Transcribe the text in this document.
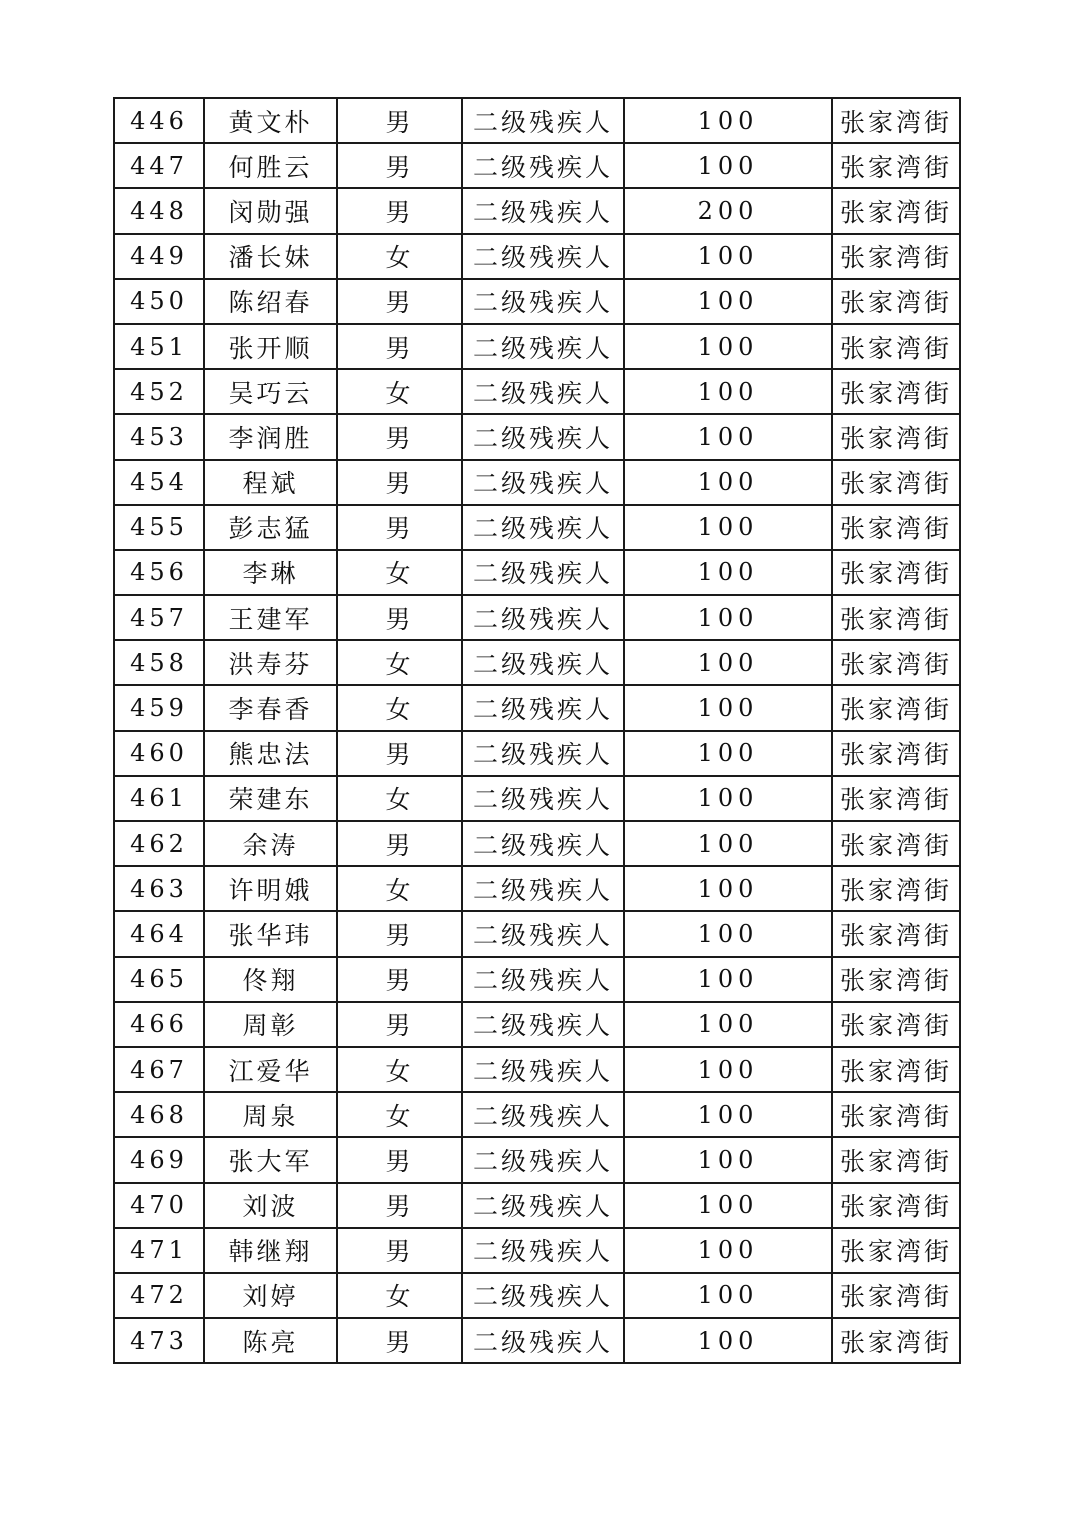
446	黄文朴	男	二级残疾人	100	张家湾街
447	何胜云	男	二级残疾人	100	张家湾街
448	闵勋强	男	二级残疾人	200	张家湾街
449	潘长妹	女	二级残疾人	100	张家湾街
450	陈绍春	男	二级残疾人	100	张家湾街
451	张开顺	男	二级残疾人	100	张家湾街
452	吴巧云	女	二级残疾人	100	张家湾街
453	李润胜	男	二级残疾人	100	张家湾街
454	程斌	男	二级残疾人	100	张家湾街
455	彭志猛	男	二级残疾人	100	张家湾街
456	李琳	女	二级残疾人	100	张家湾街
457	王建军	男	二级残疾人	100	张家湾街
458	洪寿芬	女	二级残疾人	100	张家湾街
459	李春香	女	二级残疾人	100	张家湾街
460	熊忠法	男	二级残疾人	100	张家湾街
461	荣建东	女	二级残疾人	100	张家湾街
462	余涛	男	二级残疾人	100	张家湾街
463	许明娥	女	二级残疾人	100	张家湾街
464	张华玮	男	二级残疾人	100	张家湾街
465	佟翔	男	二级残疾人	100	张家湾街
466	周彰	男	二级残疾人	100	张家湾街
467	江爱华	女	二级残疾人	100	张家湾街
468	周泉	女	二级残疾人	100	张家湾街
469	张大军	男	二级残疾人	100	张家湾街
470	刘波	男	二级残疾人	100	张家湾街
471	韩继翔	男	二级残疾人	100	张家湾街
472	刘婷	女	二级残疾人	100	张家湾街
473	陈亮	男	二级残疾人	100	张家湾街
